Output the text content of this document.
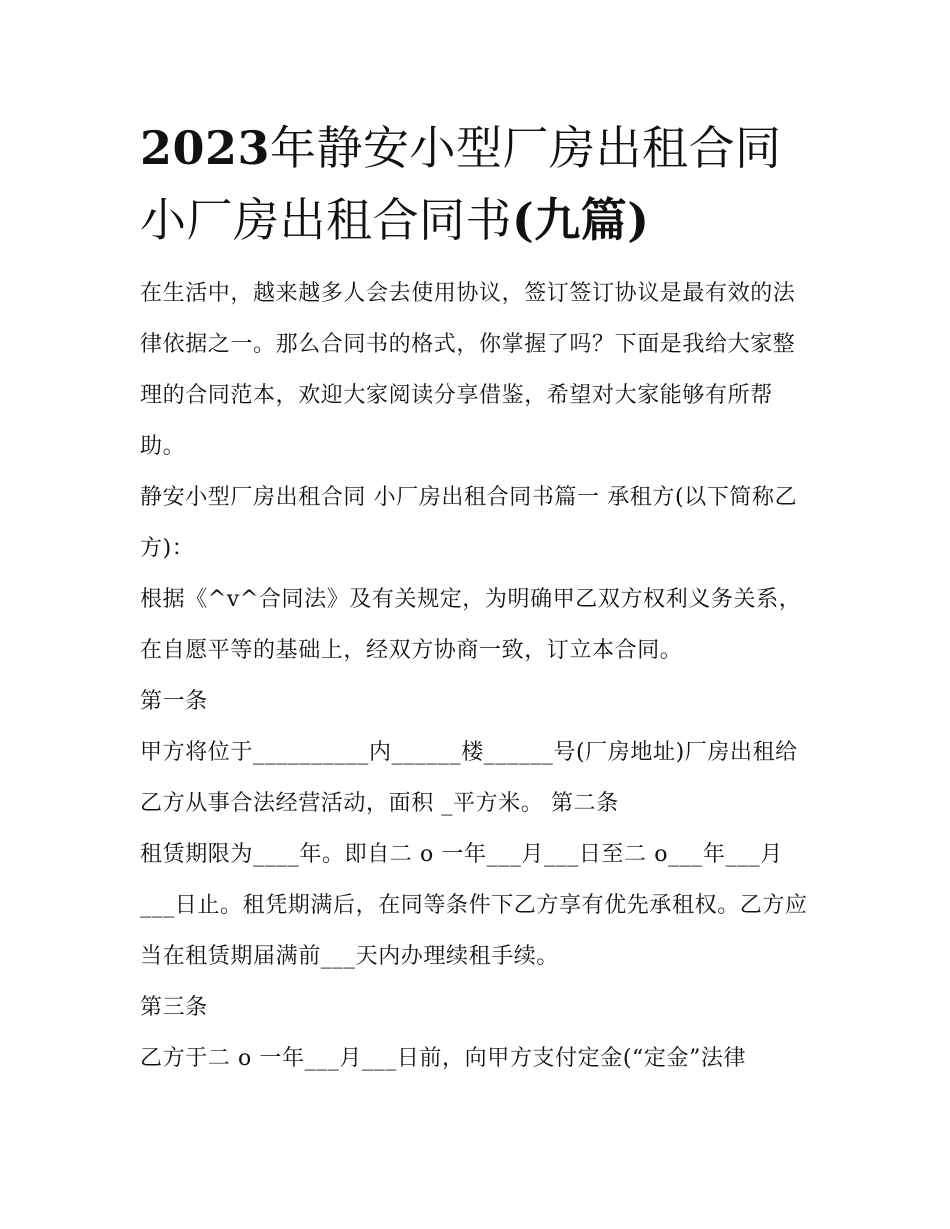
2023年静安小型厂房出租合同
小厂房出租合同书(九篇)

在生活中，越来越多人会去使用协议，签订签订协议是最有效的法律依据之一。那么合同书的格式，你掌握了吗？下面是我给大家整理的合同范本，欢迎大家阅读分享借鉴，希望对大家能够有所帮助。

静安小型厂房出租合同 小厂房出租合同书篇一 承租方(以下简称乙方)：

根据《^v^合同法》及有关规定，为明确甲乙双方权利义务关系，在自愿平等的基础上，经双方协商一致，订立本合同。

第一条

甲方将位于__________内______楼______号(厂房地址)厂房出租给乙方从事合法经营活动，面积 _平方米。 第二条

租赁期限为____年。即自二 o 一年___月___日至二 o___年___月___日止。租凭期满后，在同等条件下乙方享有优先承租权。乙方应当在租赁期届满前___天内办理续租手续。

第三条

乙方于二 o 一年___月___日前，向甲方支付定金(“定金”法律
